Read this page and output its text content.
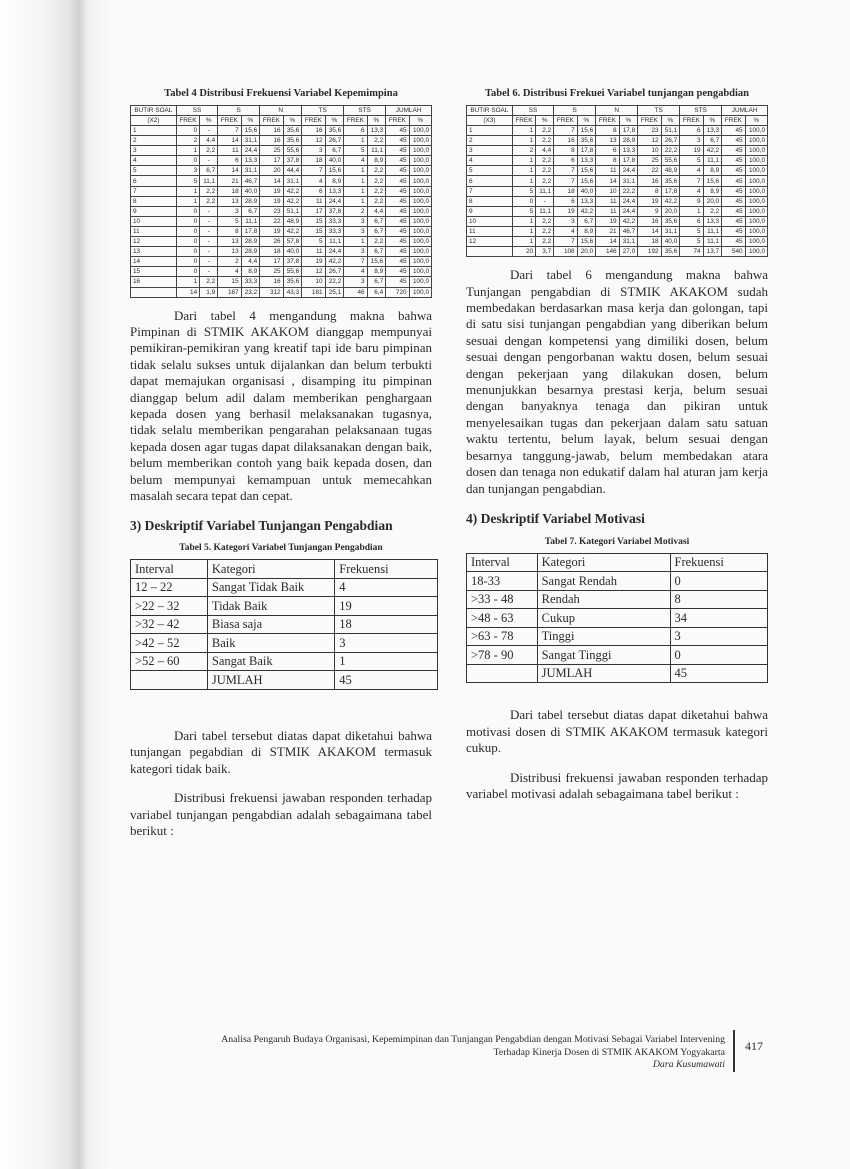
Tabel 4 Distribusi Frekuensi Variabel Kepemimpina

BUTIR SOAL	SS		S		N		TS		STS		JUMLAH	
(X2)	FREK	%	FREK	%	FREK	%	FREK	%	FREK	%	FREK	%
1	0	-	7	15,6	16	35,6	16	35,6	6	13,3	45	100,0
2	2	4,4	14	31,1	16	35,6	12	26,7	1	2,2	45	100,0
3	1	2,2	11	24,4	25	55,6	3	6,7	5	11,1	45	100,0
4	0	-	6	13,3	17	37,8	18	40,0	4	8,9	45	100,0
5	3	6,7	14	31,1	20	44,4	7	15,6	1	2,2	45	100,0
6	5	11,1	21	46,7	14	31,1	4	8,9	1	2,2	45	100,0
7	1	2,2	18	40,0	19	42,2	6	13,3	1	2,2	45	100,0
8	1	2,2	13	28,9	19	42,2	11	24,4	1	2,2	45	100,0
9	0	-	3	6,7	23	51,1	17	37,8	2	4,4	45	100,0
10	0	-	5	11,1	22	48,9	15	33,3	3	6,7	45	100,0
11	0	-	8	17,8	19	42,2	15	33,3	3	6,7	45	100,0
12	0	-	13	28,9	26	57,8	5	11,1	1	2,2	45	100,0
13	0	-	13	28,9	18	40,0	11	24,4	3	6,7	45	100,0
14	0	-	2	4,4	17	37,8	19	42,2	7	15,6	45	100,0
15	0	-	4	8,9	25	55,6	12	26,7	4	8,9	45	100,0
16	1	2,2	15	33,3	16	35,6	10	22,2	3	6,7	45	100,0
	14	1,9	167	23,2	312	43,3	181	25,1	46	6,4	720	100,0

Dari tabel 4 mengandung makna bahwa Pimpinan di STMIK AKAKOM dianggap mempunyai pemikiran-pemikiran yang kreatif tapi ide baru pimpinan tidak selalu sukses untuk dijalankan dan belum terbukti dapat memajukan organisasi , disamping itu pimpinan dianggap belum adil dalam memberikan penghargaan kepada dosen yang berhasil melaksanakan tugasnya, tidak selalu memberikan pengarahan pelaksanaan tugas kepada dosen agar tugas dapat dilaksanakan dengan baik, belum memberikan contoh yang baik kepada dosen, dan belum mempunyai kemampuan untuk memecahkan masalah secara tepat dan cepat.

3) Deskriptif Variabel Tunjangan Pengabdian

Tabel 5. Kategori Variabel Tunjangan Pengabdian

Interval	Kategori	Frekuensi
12 – 22	Sangat Tidak Baik	4
>22 – 32	Tidak Baik	19
>32 – 42	Biasa saja	18
>42 – 52	Baik	3
>52 – 60	Sangat Baik	1
	JUMLAH	45

Dari tabel tersebut diatas dapat diketahui bahwa tunjangan pegabdian di STMIK AKAKOM termasuk kategori tidak baik.

Distribusi frekuensi jawaban responden terhadap variabel tunjangan pengabdian adalah sebagaimana tabel berikut :

Tabel 6. Distribusi Frekuei Variabel tunjangan pengabdian

BUTIR SOAL	SS		S		N		TS		STS		JUMLAH	
(X3)	FREK	%	FREK	%	FREK	%	FREK	%	FREK	%	FREK	%
1	1	2,2	7	15,6	8	17,8	23	51,1	6	13,3	45	100,0
2	1	2,2	16	35,6	13	28,9	12	26,7	3	6,7	45	100,0
3	2	4,4	8	17,8	6	13,3	10	22,2	19	42,2	45	100,0
4	1	2,2	6	13,3	8	17,8	25	55,6	5	11,1	45	100,0
5	1	2,2	7	15,6	11	24,4	22	48,9	4	8,9	45	100,0
6	1	2,2	7	15,6	14	31,1	16	35,6	7	15,6	45	100,0
7	5	11,1	18	40,0	10	22,2	8	17,8	4	8,9	45	100,0
8	0	-	6	13,3	11	24,4	19	42,2	9	20,0	45	100,0
9	5	11,1	19	42,2	11	24,4	9	20,0	1	2,2	45	100,0
10	1	2,2	3	6,7	19	42,2	16	35,6	6	13,3	45	100,0
11	1	2,2	4	8,9	21	46,7	14	31,1	5	11,1	45	100,0
12	1	2,2	7	15,6	14	31,1	18	40,0	5	11,1	45	100,0
	20	3,7	108	20,0	146	27,0	192	35,6	74	13,7	540	100,0

Dari tabel 6 mengandung makna bahwa Tunjangan pengabdian di STMIK AKAKOM sudah membedakan berdasarkan masa kerja dan golongan, tapi di satu sisi tunjangan pengabdian yang diberikan belum sesuai dengan kompetensi yang dimiliki dosen, belum sesuai dengan pengorbanan waktu dosen, belum sesuai dengan pekerjaan yang dilakukan dosen, belum menunjukkan besarnya prestasi kerja, belum sesuai dengan banyaknya tenaga dan pikiran untuk menyelesaikan tugas dan pekerjaan dalam satu satuan waktu tertentu, belum layak, belum sesuai dengan besarnya tanggung-jawab, belum membedakan atara dosen dan tenaga non edukatif dalam hal aturan jam kerja dan tunjangan pengabdian.

4) Deskriptif Variabel Motivasi

Tabel 7. Kategori Variabel Motivasi

Interval	Kategori	Frekuensi
18-33	Sangat Rendah	0
>33 - 48	Rendah	8
>48 - 63	Cukup	34
>63 - 78	Tinggi	3
>78 - 90	Sangat Tinggi	0
	JUMLAH	45

Dari tabel tersebut diatas dapat diketahui bahwa motivasi dosen di STMIK AKAKOM termasuk kategori cukup.

Distribusi frekuensi jawaban responden terhadap variabel motivasi adalah sebagaimana tabel berikut :

Analisa Pengaruh Budaya Organisasi, Kepemimpinan dan Tunjangan Pengabdian dengan Motivasi Sebagai Variabel Intervening
Terhadap Kinerja Dosen di STMIK AKAKOM Yogyakarta
Dara Kusumawati
417
